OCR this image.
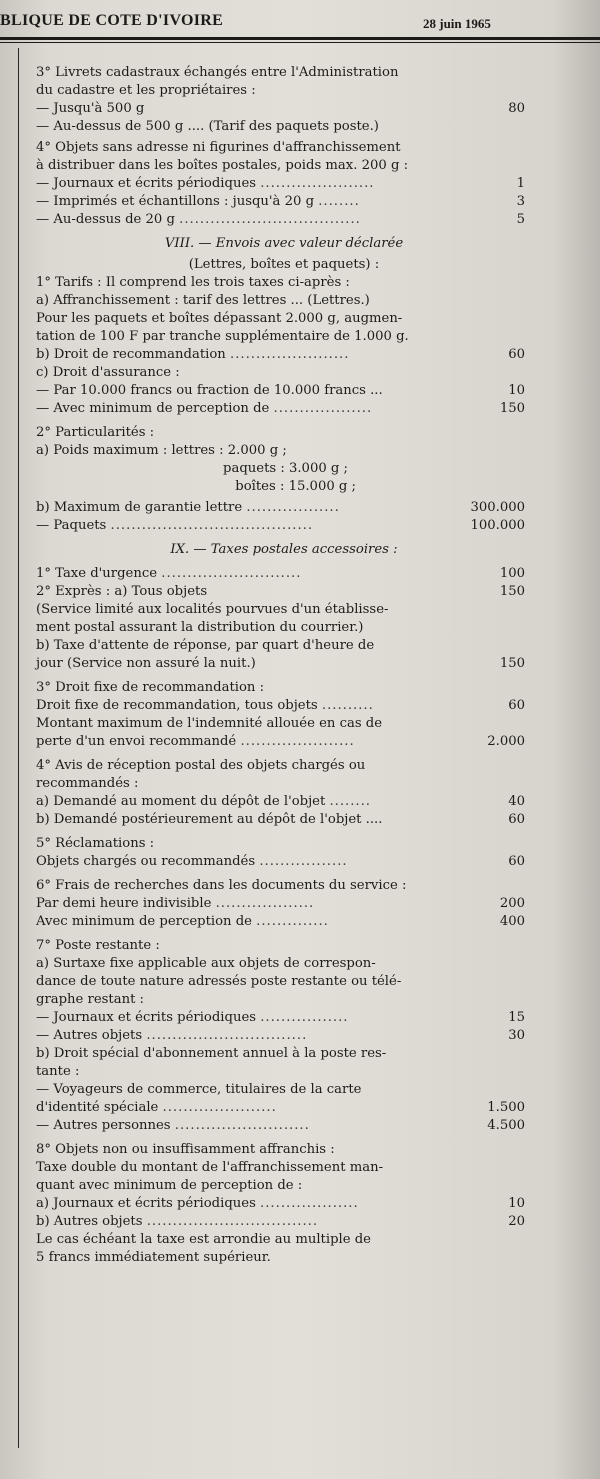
BLIQUE DE COTE D'IVOIRE	28 juin 1965
3° Livrets cadastraux échangés entre l'Administration
du cadastre et les propriétaires :
— Jusqu'à 500 g	80
— Au-dessus de 500 g .... (Tarif des paquets poste.)
4° Objets sans adresse ni figurines d'affranchissement
à distribuer dans les boîtes postales, poids max. 200 g :
— Journaux et écrits périodiques ......................	1
— Imprimés et échantillons : jusqu'à 20 g ........	3
— Au-dessus de 20 g ...................................	5
VIII. — Envois avec valeur déclarée
(Lettres, boîtes et paquets) :
1° Tarifs : Il comprend les trois taxes ci-après :
a) Affranchissement : tarif des lettres ... (Lettres.)
Pour les paquets et boîtes dépassant 2.000 g, augmen-
tation de 100 F par tranche supplémentaire de 1.000 g.
b) Droit de recommandation .......................	60
c) Droit d'assurance :
— Par 10.000 francs ou fraction de 10.000 francs ...	10
— Avec minimum de perception de ...................	150
2° Particularités :
a) Poids maximum : lettres : 2.000 g ;
paquets : 3.000 g ;
boîtes : 15.000 g ;
b) Maximum de garantie lettre ..................	300.000
— Paquets .......................................	100.000
IX. — Taxes postales accessoires :
1° Taxe d'urgence ...........................	100
2° Exprès : a) Tous objets	150
(Service limité aux localités pourvues d'un établisse-
ment postal assurant la distribution du courrier.)
b) Taxe d'attente de réponse, par quart d'heure de
jour (Service non assuré la nuit.)	150
3° Droit fixe de recommandation :
Droit fixe de recommandation, tous objets ..........	60
Montant maximum de l'indemnité allouée en cas de
perte d'un envoi recommandé ......................	2.000
4° Avis de réception postal des objets chargés ou
recommandés :
a) Demandé au moment du dépôt de l'objet ........	40
b) Demandé postérieurement au dépôt de l'objet ....	60
5° Réclamations :
Objets chargés ou recommandés .................	60
6° Frais de recherches dans les documents du service :
Par demi heure indivisible ...................	200
Avec minimum de perception de ..............	400
7° Poste restante :
a) Surtaxe fixe applicable aux objets de correspon-
dance de toute nature adressés poste restante ou télé-
graphe restant :
— Journaux et écrits périodiques .................	15
— Autres objets ...............................	30
b) Droit spécial d'abonnement annuel à la poste res-
tante :
— Voyageurs de commerce, titulaires de la carte
d'identité spéciale ......................	1.500
— Autres personnes ..........................	4.500
8° Objets non ou insuffisamment affranchis :
Taxe double du montant de l'affranchissement man-
quant avec minimum de perception de :
a) Journaux et écrits périodiques ...................	10
b) Autres objets .................................	20
Le cas échéant la taxe est arrondie au multiple de
5 francs immédiatement supérieur.
